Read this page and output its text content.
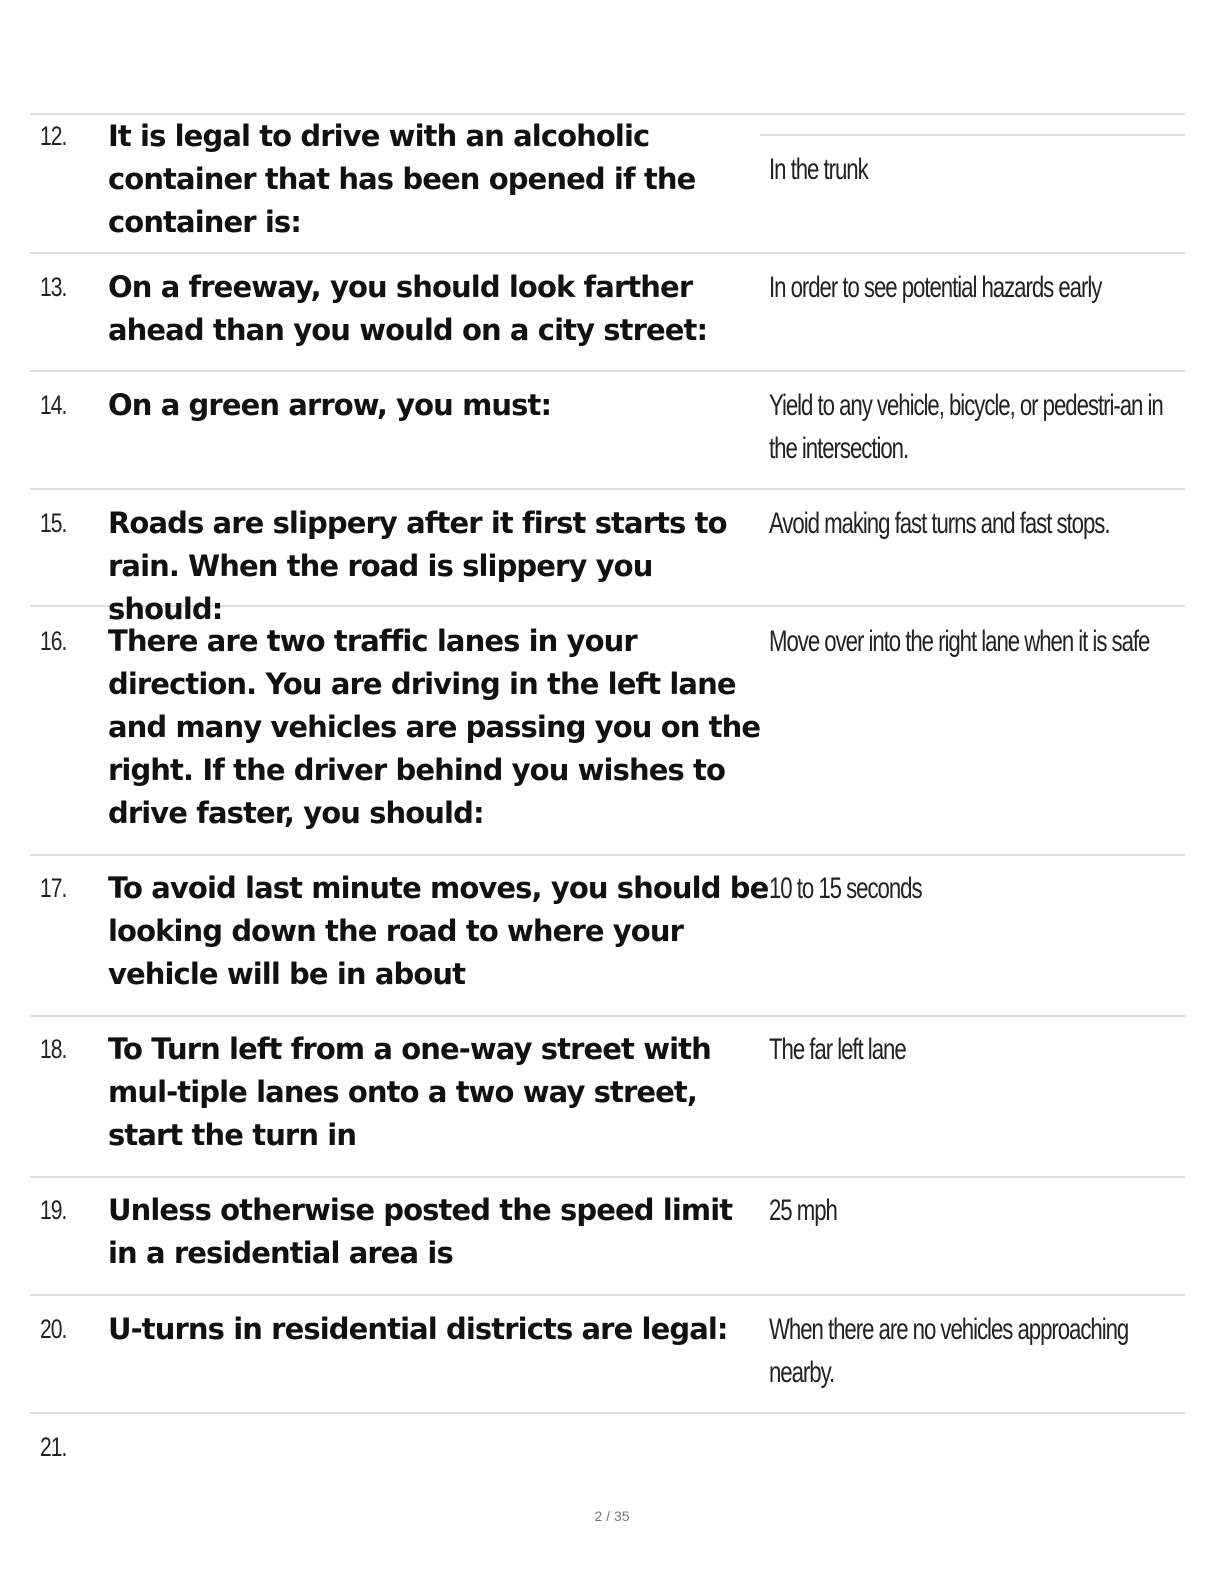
12. It is legal to drive with an alcoholic container that has been opened if the container is:
In the trunk
13. On a freeway, you should look farther ahead than you would on a city street:
In order to see potential hazards early
14. On a green arrow, you must:	Yield to any vehicle, bicycle, or pedestri-an in the intersection.
15. Roads are slippery after it first starts to rain. When the road is slippery you should:
Avoid making fast turns and fast stops.
16. There are two traffic lanes in your direction. You are driving in the left lane and many vehicles are passing you on the right. If the driver behind you wishes to drive faster, you should:
Move over into the right lane when it is safe
17. To avoid last minute moves, you should be looking down the road to where your vehicle will be in about
10 to 15 seconds
18. To Turn left from a one-way street with mul-tiple lanes onto a two way street, start the turn in
The far left lane
19. Unless otherwise posted the speed limit in a residential area is
25 mph
20. U-turns in residential districts are legal:	When there are no vehicles approaching nearby.
21.
2 / 35
